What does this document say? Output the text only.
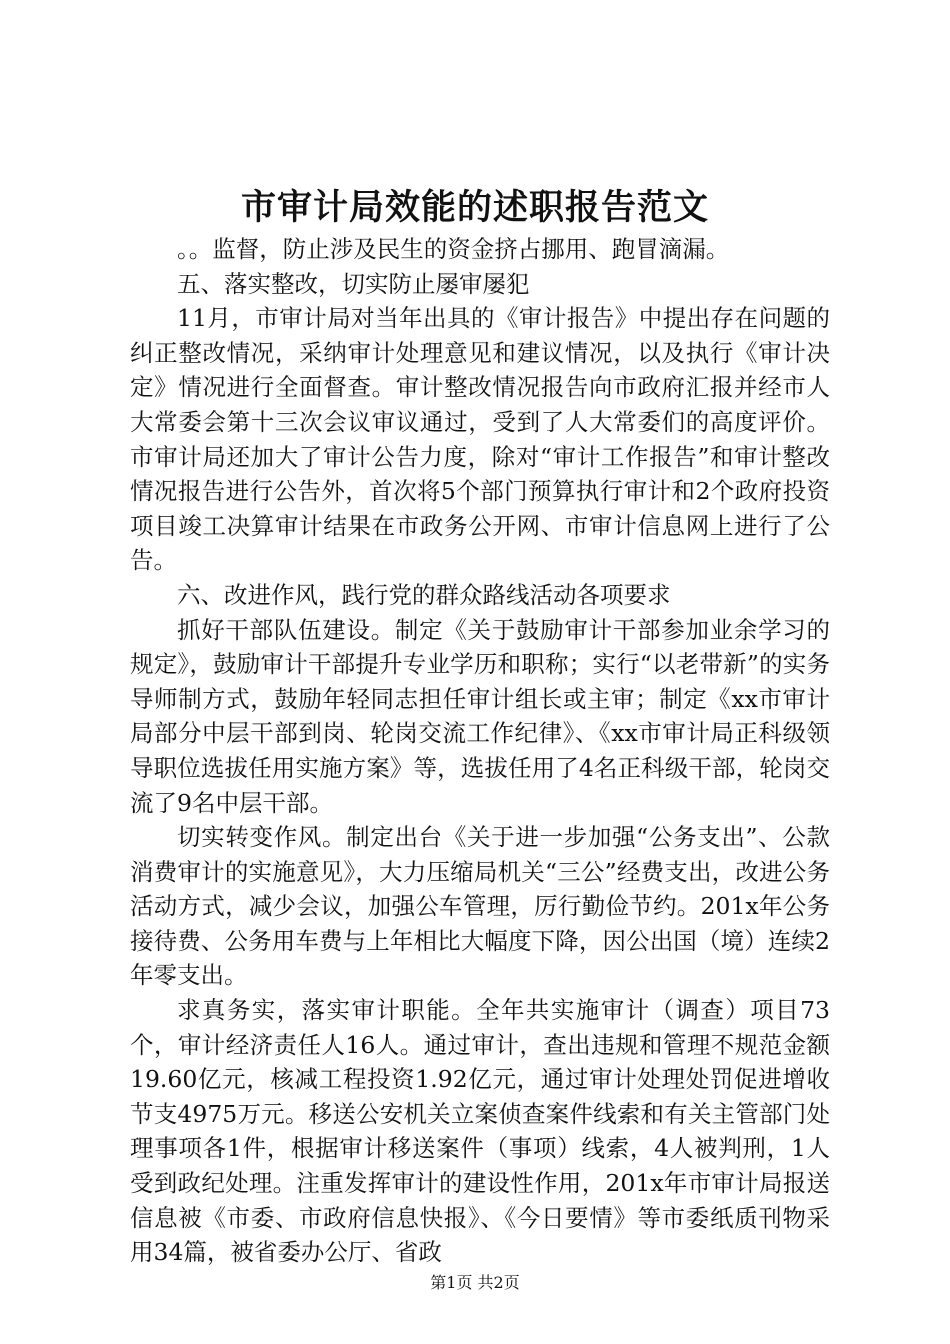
市审计局效能的述职报告范文

。。监督，防止涉及民生的资金挤占挪用、跑冒滴漏。

五、落实整改，切实防止屡审屡犯

11月，市审计局对当年出具的《审计报告》中提出存在问题的纠正整改情况，采纳审计处理意见和建议情况，以及执行《审计决定》情况进行全面督查。审计整改情况报告向市政府汇报并经市人大常委会第十三次会议审议通过，受到了人大常委们的高度评价。市审计局还加大了审计公告力度，除对“审计工作报告”和审计整改情况报告进行公告外，首次将5个部门预算执行审计和2个政府投资项目竣工决算审计结果在市政务公开网、市审计信息网上进行了公告。

六、改进作风，践行党的群众路线活动各项要求

抓好干部队伍建设。制定《关于鼓励审计干部参加业余学习的规定》，鼓励审计干部提升专业学历和职称；实行“以老带新”的实务导师制方式，鼓励年轻同志担任审计组长或主审；制定《xx市审计局部分中层干部到岗、轮岗交流工作纪律》、《xx市审计局正科级领导职位选拔任用实施方案》等，选拔任用了4名正科级干部，轮岗交流了9名中层干部。

切实转变作风。制定出台《关于进一步加强“公务支出”、公款消费审计的实施意见》，大力压缩局机关“三公”经费支出，改进公务活动方式，减少会议，加强公车管理，厉行勤俭节约。201x年公务接待费、公务用车费与上年相比大幅度下降，因公出国（境）连续2年零支出。

求真务实，落实审计职能。全年共实施审计（调查）项目73个，审计经济责任人16人。通过审计，查出违规和管理不规范金额19.60亿元，核减工程投资1.92亿元，通过审计处理处罚促进增收节支4975万元。移送公安机关立案侦查案件线索和有关主管部门处理事项各1件，根据审计移送案件（事项）线索，4人被判刑，1人受到政纪处理。注重发挥审计的建设性作用，201x年市审计局报送信息被《市委、市政府信息快报》、《今日要情》等市委纸质刊物采用34篇，被省委办公厅、省政

第1页 共2页
